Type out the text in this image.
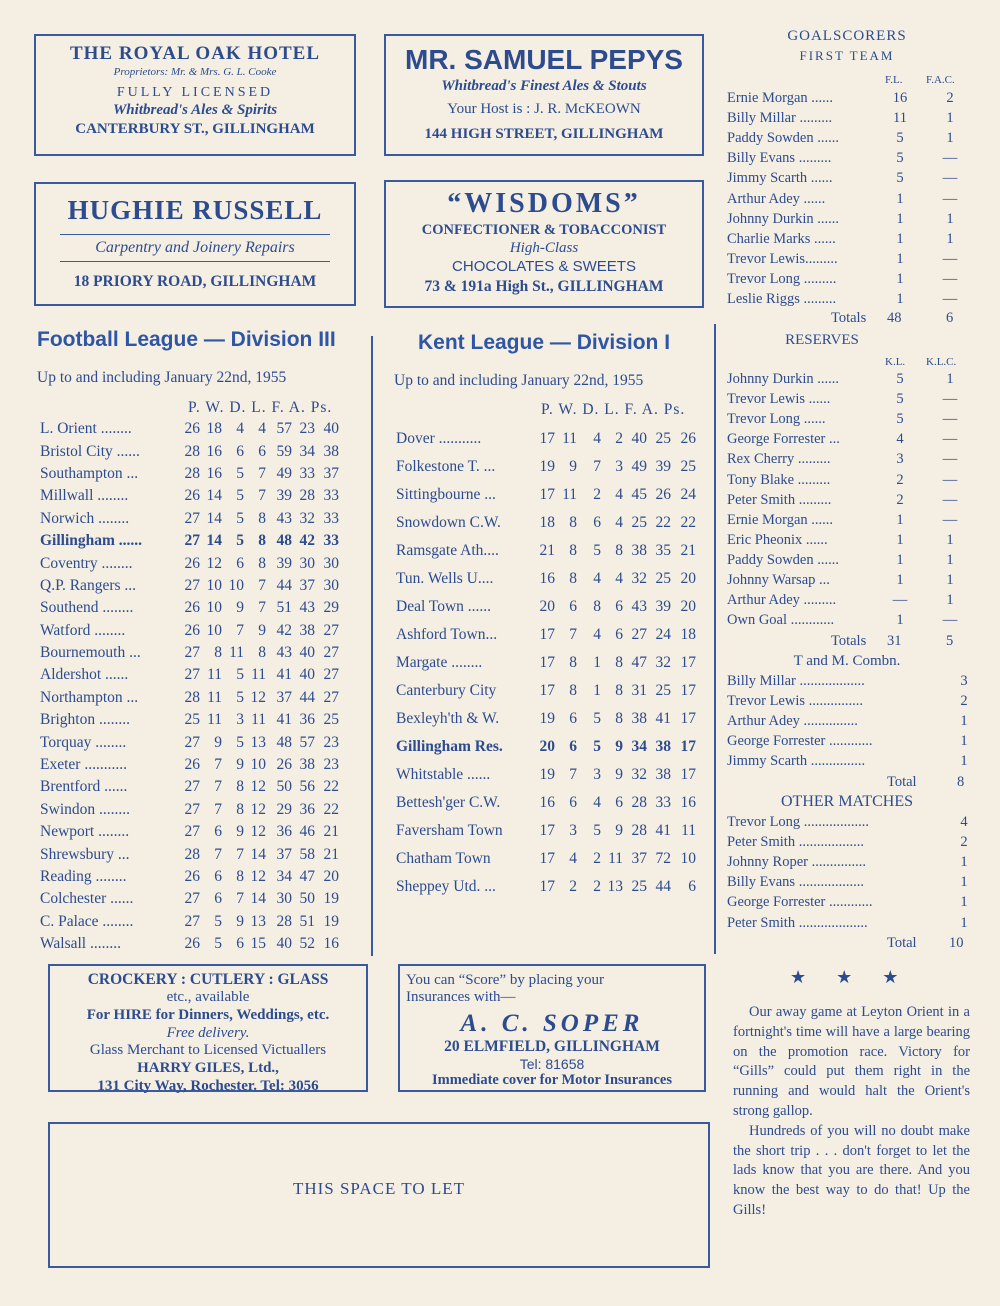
THE ROYAL OAK HOTEL
Proprietors: Mr. & Mrs. G. L. Cooke
FULLY LICENSED
Whitbread's Ales & Spirits
CANTERBURY ST., GILLINGHAM
MR. SAMUEL PEPYS
Whitbread's Finest Ales & Stouts
Your Host is : J. R. McKEOWN
144 HIGH STREET, GILLINGHAM
HUGHIE RUSSELL
Carpentry and Joinery Repairs
18 PRIORY ROAD, GILLINGHAM
“WISDOMS”
CONFECTIONER & TOBACCONIST
High-Class
CHOCOLATES & SWEETS
73 & 191a High St., GILLINGHAM
Football League — Division III
Up to and including January 22nd, 1955
P. W. D. L. F. A. Ps.
L. Orient ........	26	18	4	4	57	23	40
Bristol City ......	28	16	6	6	59	34	38
Southampton ...	28	16	5	7	49	33	37
Millwall ........	26	14	5	7	39	28	33
Norwich ........	27	14	5	8	43	32	33
Gillingham ......	27	14	5	8	48	42	33
Coventry ........	26	12	6	8	39	30	30
Q.P. Rangers ...	27	10	10	7	44	37	30
Southend ........	26	10	9	7	51	43	29
Watford ........	26	10	7	9	42	38	27
Bournemouth ...	27	8	11	8	43	40	27
Aldershot ......	27	11	5	11	41	40	27
Northampton ...	28	11	5	12	37	44	27
Brighton ........	25	11	3	11	41	36	25
Torquay ........	27	9	5	13	48	57	23
Exeter ...........	26	7	9	10	26	38	23
Brentford ......	27	7	8	12	50	56	22
Swindon ........	27	7	8	12	29	36	22
Newport ........	27	6	9	12	36	46	21
Shrewsbury ...	28	7	7	14	37	58	21
Reading ........	26	6	8	12	34	47	20
Colchester ......	27	6	7	14	30	50	19
C. Palace ........	27	5	9	13	28	51	19
Walsall ........	26	5	6	15	40	52	16
Kent League — Division I
Up to and including January 22nd, 1955
P. W. D. L. F. A. Ps.
Dover ...........	17	11	4	2	40	25	26
Folkestone T. ...	19	9	7	3	49	39	25
Sittingbourne ...	17	11	2	4	45	26	24
Snowdown C.W.	18	8	6	4	25	22	22
Ramsgate Ath....	21	8	5	8	38	35	21
Tun. Wells U....	16	8	4	4	32	25	20
Deal Town ......	20	6	8	6	43	39	20
Ashford Town...	17	7	4	6	27	24	18
Margate ........	17	8	1	8	47	32	17
Canterbury City	17	8	1	8	31	25	17
Bexleyh'th & W.	19	6	5	8	38	41	17
Gillingham Res.	20	6	5	9	34	38	17
Whitstable ......	19	7	3	9	32	38	17
Bettesh'ger C.W.	16	6	4	6	28	33	16
Faversham Town	17	3	5	9	28	41	11
Chatham Town	17	4	2	11	37	72	10
Sheppey Utd. ...	17	2	2	13	25	44	6
GOALSCORERS
FIRST TEAM
F.L. F.A.C.
Ernie Morgan ......	16	2
Billy Millar .........	11	1
Paddy Sowden ......	5	1
Billy Evans .........	5	—
Jimmy Scarth ......	5	—
Arthur Adey ......	1	—
Johnny Durkin ......	1	1
Charlie Marks ......	1	1
Trevor Lewis.........	1	—
Trevor Long .........	1	—
Leslie Riggs .........	1	—
Totals 48	6
RESERVES
K.L. K.L.C.
Johnny Durkin ......	5	1
Trevor Lewis ......	5	—
Trevor Long ......	5	—
George Forrester ...	4	—
Rex Cherry .........	3	—
Tony Blake .........	2	—
Peter Smith .........	2	—
Ernie Morgan ......	1	—
Eric Pheonix ......	1	1
Paddy Sowden ......	1	1
Johnny Warsap ...	1	1
Arthur Adey .........	—	1
Own Goal ............	1	—
Totals 31	5
T and M. Combn.
Billy Millar ..................	3
Trevor Lewis ...............	2
Arthur Adey ...............	1
George Forrester ............	1
Jimmy Scarth ...............	1
Total	8
OTHER MATCHES
Trevor Long ..................	4
Peter Smith ..................	2
Johnny Roper ...............	1
Billy Evans ..................	1
George Forrester ............	1
Peter Smith ...................	1
Total 10
★★★

Our away game at Leyton Orient in a fortnight's time will have a large bearing on the promotion race. Victory for “Gills” could put them right in the running and would halt the Orient's strong gallop.

Hundreds of you will no doubt make the short trip . . . don't forget to let the lads know that you are there. And you know the best way to do that! Up the Gills!

CROCKERY : CUTLERY : GLASS
etc., available
For HIRE for Dinners, Weddings, etc.
Free delivery.
Glass Merchant to Licensed Victuallers
HARRY GILES, Ltd.,
131 City Way, Rochester. Tel: 3056
You can “Score” by placing your
Insurances with—
A. C. SOPER
20 ELMFIELD, GILLINGHAM
Tel: 81658
Immediate cover for Motor Insurances
THIS SPACE TO LET
